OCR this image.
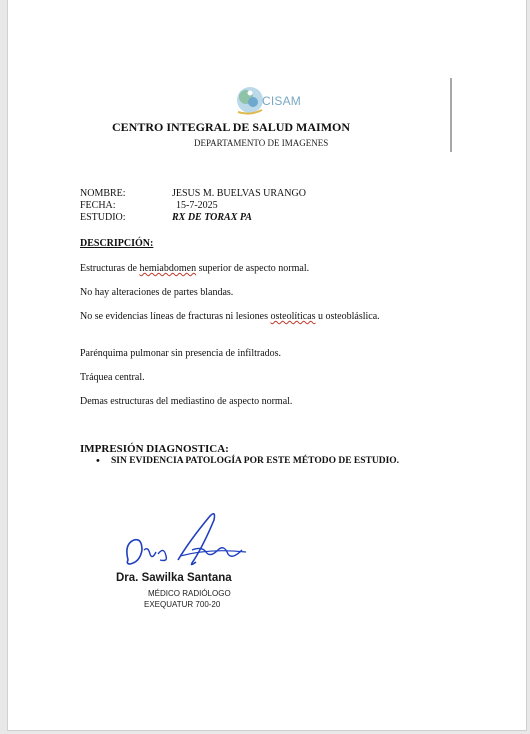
CISAM
CENTRO INTEGRAL DE SALUD MAIMON
DEPARTAMENTO DE IMAGENES
NOMBRE:	JESUS M. BUELVAS URANGO
FECHA:	15-7-2025
ESTUDIO:	RX DE TORAX PA
DESCRIPCIÓN:
Estructuras de hemiabdomen superior de aspecto normal.
No hay alteraciones de partes blandas.
No se evidencias líneas de fracturas ni lesiones osteolíticas u osteobláslica.
Parénquima pulmonar sin presencia de infiltrados.
Tráquea central.
Demas estructuras del mediastino de aspecto normal.
IMPRESIÓN DIAGNOSTICA:
• SIN EVIDENCIA PATOLOGÍA POR ESTE MÉTODO DE ESTUDIO.
Dra. Sawilka Santana
MÉDICO RADIÓLOGO
EXEQUATUR 700-20
